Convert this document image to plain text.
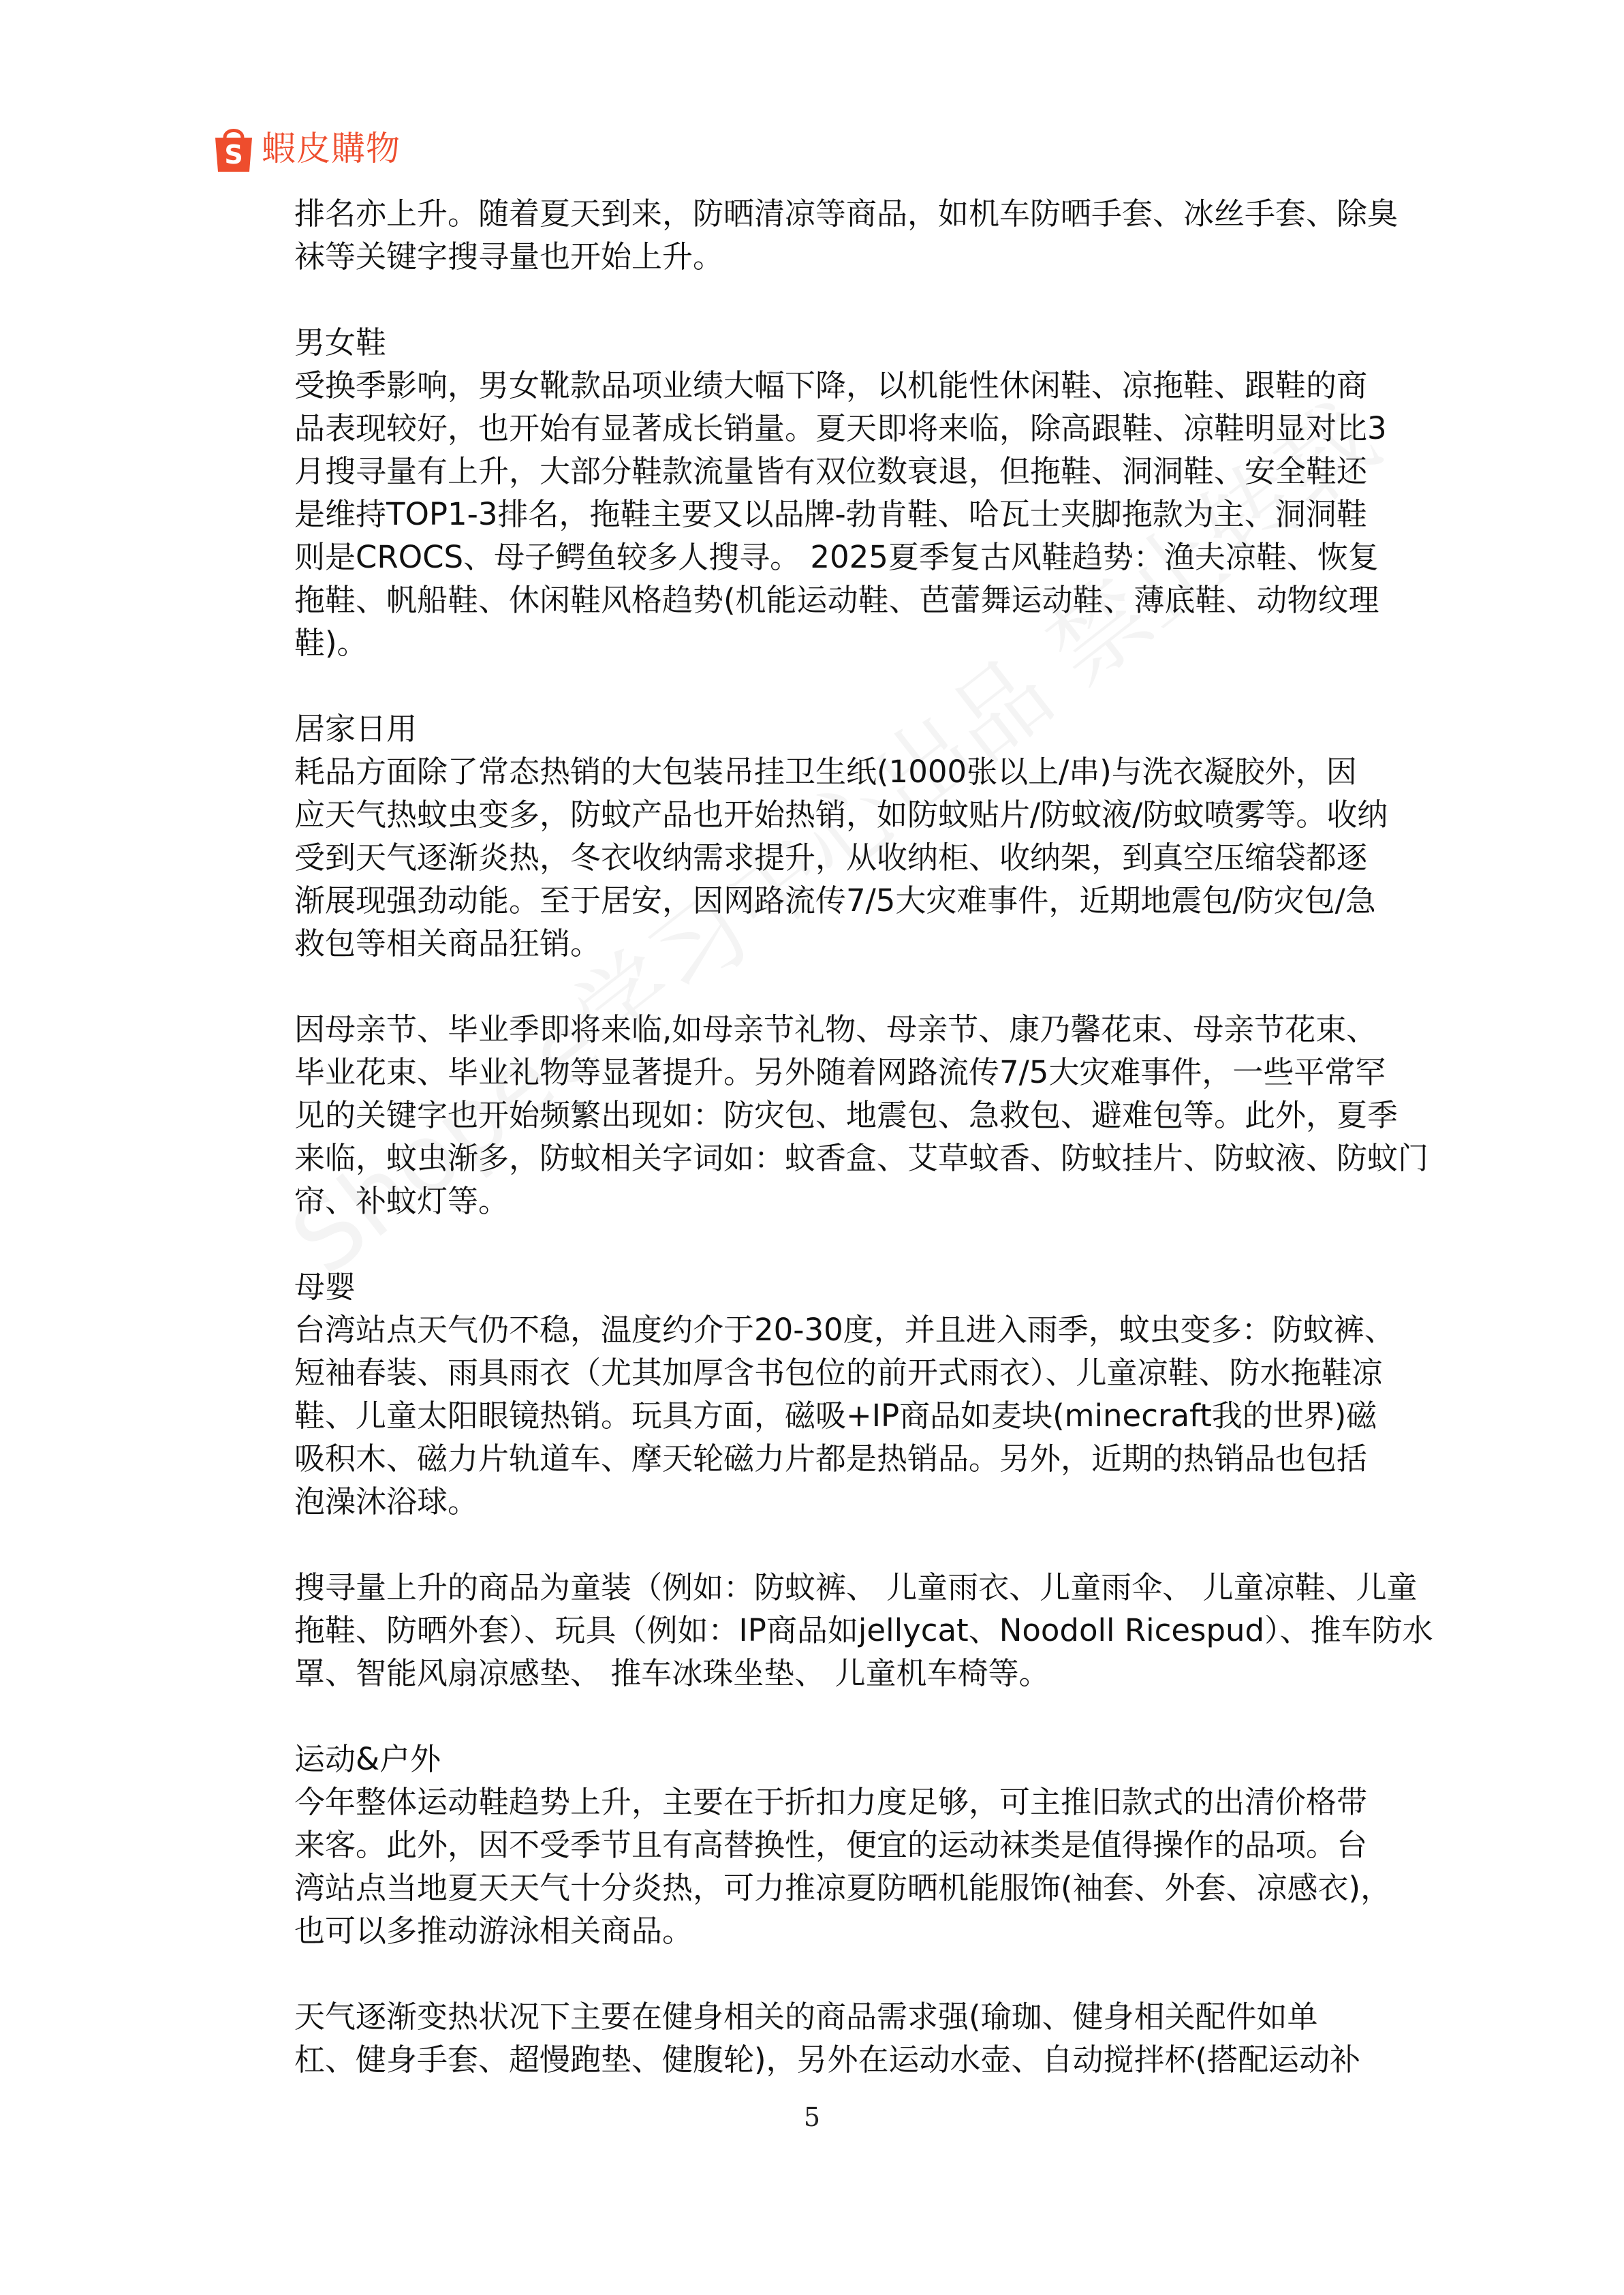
S 蝦皮購物
排名亦上升。随着夏天到来，防晒清凉等商品，如机车防晒手套、冰丝手套、除臭
袜等关键字搜寻量也开始上升。
男女鞋
受换季影响，男女靴款品项业绩大幅下降，以机能性休闲鞋、凉拖鞋、跟鞋的商
品表现较好，也开始有显著成长销量。夏天即将来临，除高跟鞋、凉鞋明显对比3
月搜寻量有上升，大部分鞋款流量皆有双位数衰退，但拖鞋、洞洞鞋、安全鞋还
是维持TOP1-3排名，拖鞋主要又以品牌-勃肯鞋、哈瓦士夹脚拖款为主、洞洞鞋
则是CROCS、母子鳄鱼较多人搜寻。 2025夏季复古风鞋趋势：渔夫凉鞋、恢复
拖鞋、帆船鞋、休闲鞋风格趋势(机能运动鞋、芭蕾舞运动鞋、薄底鞋、动物纹理
鞋)。
居家日用
耗品方面除了常态热销的大包装吊挂卫生纸(1000张以上/串)与洗衣凝胶外，因
应天气热蚊虫变多，防蚊产品也开始热销，如防蚊贴片/防蚊液/防蚊喷雾等。收纳
受到天气逐渐炎热，冬衣收纳需求提升，从收纳柜、收纳架，到真空压缩袋都逐
渐展现强劲动能。至于居安，因网路流传7/5大灾难事件，近期地震包/防灾包/急
救包等相关商品狂销。
因母亲节、毕业季即将来临,如母亲节礼物、母亲节、康乃馨花束、母亲节花束、
毕业花束、毕业礼物等显著提升。另外随着网路流传7/5大灾难事件，一些平常罕
见的关键字也开始频繁出现如：防灾包、地震包、急救包、避难包等。此外，夏季
来临，蚊虫渐多，防蚊相关字词如：蚊香盒、艾草蚊香、防蚊挂片、防蚊液、防蚊门
帘、补蚊灯等。
母婴
台湾站点天气仍不稳，温度约介于20-30度，并且进入雨季，蚊虫变多：防蚊裤、
短袖春装、雨具雨衣（尤其加厚含书包位的前开式雨衣）、儿童凉鞋、防水拖鞋凉
鞋、儿童太阳眼镜热销。玩具方面，磁吸+IP商品如麦块(minecraft我的世界)磁
吸积木、磁力片轨道车、摩天轮磁力片都是热销品。另外，近期的热销品也包括
泡澡沐浴球。
搜寻量上升的商品为童装（例如：防蚊裤、 儿童雨衣、儿童雨伞、 儿童凉鞋、儿童
拖鞋、防晒外套）、玩具（例如：IP商品如jellycat、Noodoll Ricespud）、推车防水
罩、智能风扇凉感垫、 推车冰珠坐垫、 儿童机车椅等。
运动&户外
今年整体运动鞋趋势上升，主要在于折扣力度足够，可主推旧款式的出清价格带
来客。此外，因不受季节且有高替换性，便宜的运动袜类是值得操作的品项。台
湾站点当地夏天天气十分炎热，可力推凉夏防晒机能服饰(袖套、外套、凉感衣)，
也可以多推动游泳相关商品。
天气逐渐变热状况下主要在健身相关的商品需求强(瑜珈、健身相关配件如单
杠、健身手套、超慢跑垫、健腹轮)，另外在运动水壶、自动搅拌杯(搭配运动补
5
